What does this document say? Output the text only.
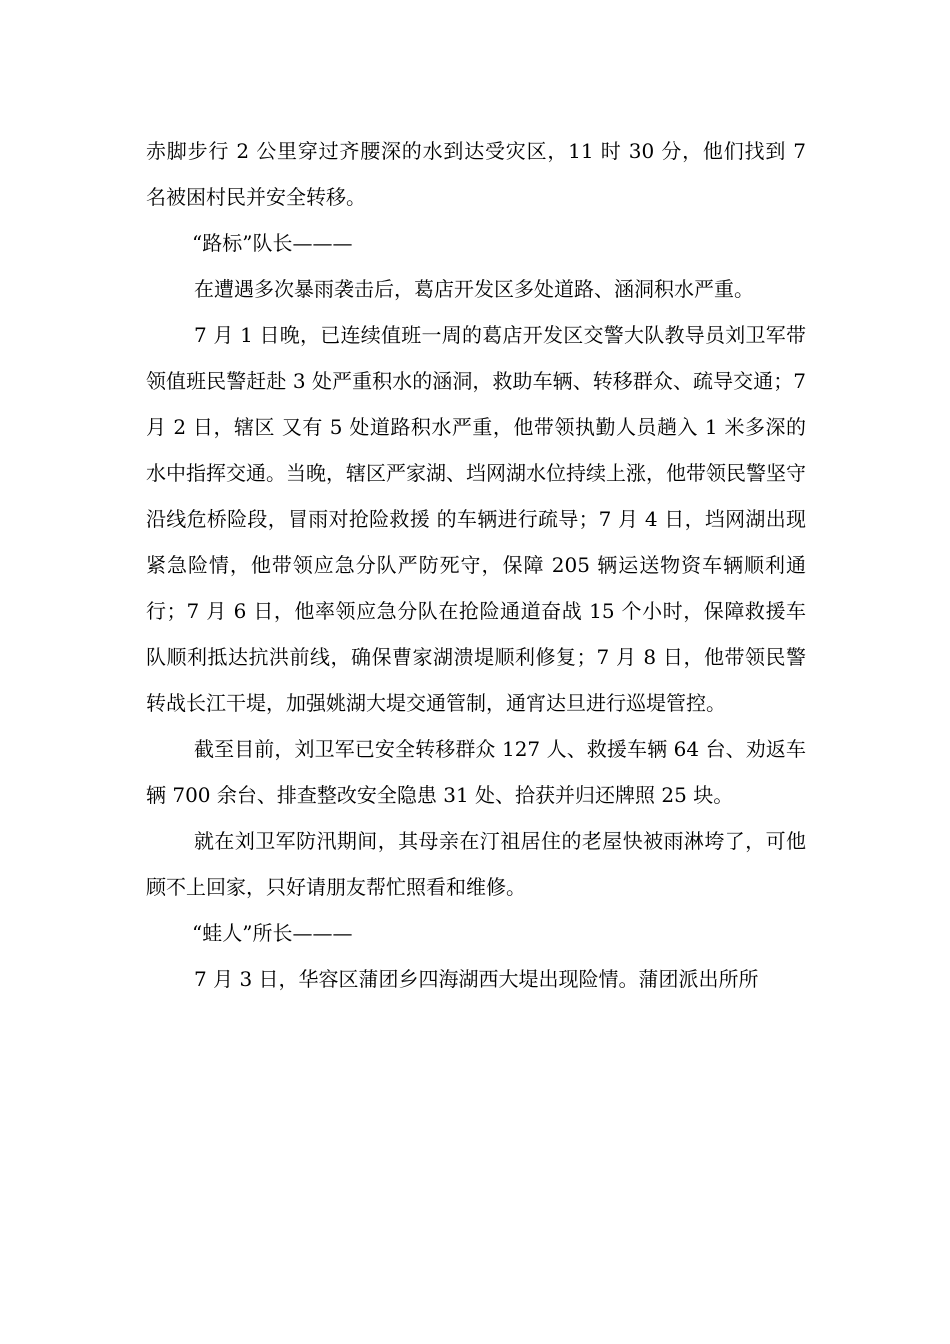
赤脚步行 2 公里穿过齐腰深的水到达受灾区，11 时 30 分，他们找到 7 名被困村民并安全转移。

“路标”队长———

在遭遇多次暴雨袭击后，葛店开发区多处道路、涵洞积水严重。

7 月 1 日晚，已连续值班一周的葛店开发区交警大队教导员刘卫军带领值班民警赶赴 3 处严重积水的涵洞，救助车辆、转移群众、疏导交通；7 月 2 日，辖区 又有 5 处道路积水严重，他带领执勤人员趟入 1 米多深的水中指挥交通。当晚，辖区严家湖、垱网湖水位持续上涨，他带领民警坚守沿线危桥险段，冒雨对抢险救援 的车辆进行疏导；7 月 4 日，垱网湖出现紧急险情，他带领应急分队严防死守，保障 205 辆运送物资车辆顺利通行；7 月 6 日，他率领应急分队在抢险通道奋战 15 个小时，保障救援车队顺利抵达抗洪前线，确保曹家湖溃堤顺利修复；7 月 8 日，他带领民警转战长江干堤，加强姚湖大堤交通管制，通宵达旦进行巡堤管控。

截至目前，刘卫军已安全转移群众 127 人、救援车辆 64 台、劝返车辆 700 余台、排查整改安全隐患 31 处、拾获并归还牌照 25 块。

就在刘卫军防汛期间，其母亲在汀祖居住的老屋快被雨淋垮了，可他顾不上回家，只好请朋友帮忙照看和维修。

“蛙人”所长———

7 月 3 日，华容区蒲团乡四海湖西大堤出现险情。蒲团派出所所
